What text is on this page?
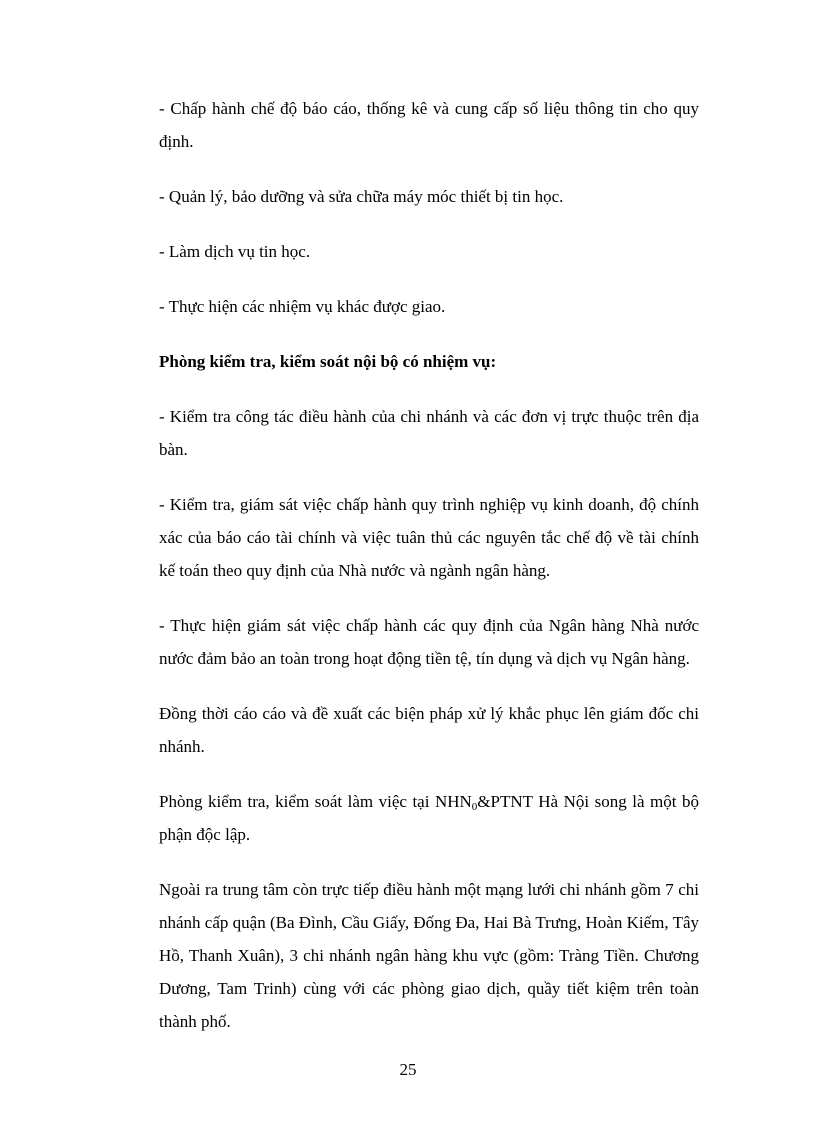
- Chấp hành chế độ báo cáo, thống kê và cung cấp số liệu thông tin cho quy định.

- Quản lý, bảo dưỡng và sửa chữa máy móc thiết bị tin học.

- Làm dịch vụ tin học.

- Thực hiện các nhiệm vụ khác được giao.

Phòng kiểm tra, kiểm soát nội bộ có nhiệm vụ:

- Kiểm tra công tác điều hành của chi nhánh và các đơn vị trực thuộc trên địa bàn.

- Kiểm tra, giám sát việc chấp hành quy trình nghiệp vụ kinh doanh, độ chính xác của báo cáo tài chính và việc tuân thủ các nguyên tắc chế độ về tài chính kế toán theo quy định của Nhà nước và ngành ngân hàng.

- Thực hiện giám sát việc chấp hành các quy định của Ngân hàng Nhà nước nước đảm bảo an toàn trong hoạt động tiền tệ, tín dụng và dịch vụ Ngân hàng.

Đồng thời cáo cáo và đề xuất các biện pháp xử lý khắc phục lên giám đốc chi nhánh.

Phòng kiểm tra, kiểm soát làm việc tại $NHN_0\&PTNT$ Hà Nội song là một bộ phận độc lập.

Ngoài ra trung tâm còn trực tiếp điều hành một mạng lưới chi nhánh gồm 7 chi nhánh cấp quận (Ba Đình, Cầu Giấy, Đống Đa, Hai Bà Trưng, Hoàn Kiếm, Tây Hồ, Thanh Xuân), 3 chi nhánh ngân hàng khu vực (gồm: Tràng Tiền. Chương Dương, Tam Trinh) cùng với các phòng giao dịch, quầy tiết kiệm trên toàn thành phố.

25
